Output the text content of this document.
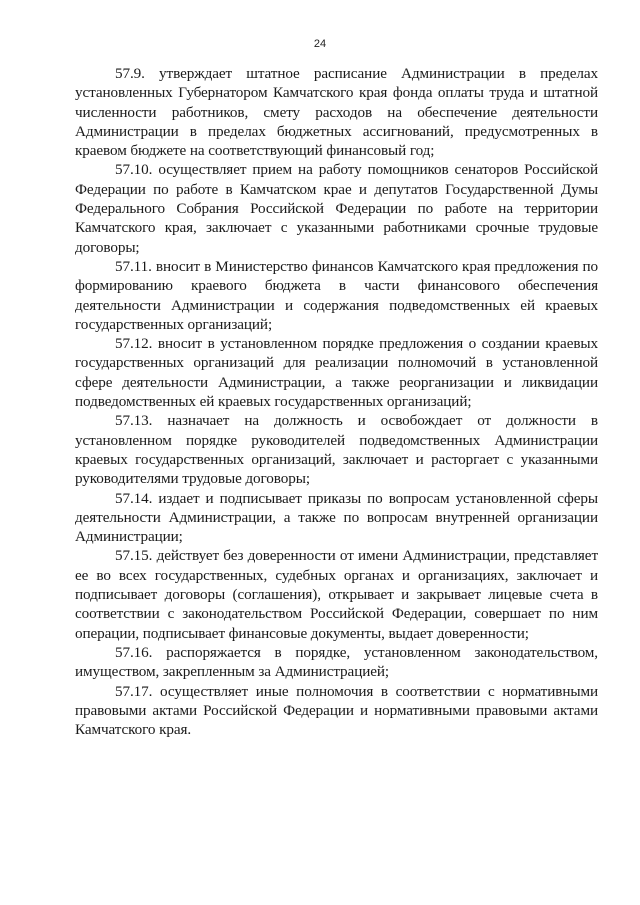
24

57.9. утверждает штатное расписание Администрации в пределах установленных Губернатором Камчатского края фонда оплаты труда и штатной численности работников, смету расходов на обеспечение деятельности Администрации в пределах бюджетных ассигнований, предусмотренных в краевом бюджете на соответствующий финансовый год;

57.10. осуществляет прием на работу помощников сенаторов Российской Федерации по работе в Камчатском крае и депутатов Государственной Думы Федерального Собрания Российской Федерации по работе на территории Камчатского края, заключает с указанными работниками срочные трудовые договоры;

57.11. вносит в Министерство финансов Камчатского края предложения по формированию краевого бюджета в части финансового обеспечения деятельности Администрации и содержания подведомственных ей краевых государственных организаций;

57.12. вносит в установленном порядке предложения о создании краевых государственных организаций для реализации полномочий в установленной сфере деятельности Администрации, а также реорганизации и ликвидации подведомственных ей краевых государственных организаций;

57.13. назначает на должность и освобождает от должности в установленном порядке руководителей подведомственных Администрации краевых государственных организаций, заключает и расторгает с указанными руководителями трудовые договоры;

57.14. издает и подписывает приказы по вопросам установленной сферы деятельности Администрации, а также по вопросам внутренней организации Администрации;

57.15. действует без доверенности от имени Администрации, представляет ее во всех государственных, судебных органах и организациях, заключает и подписывает договоры (соглашения), открывает и закрывает лицевые счета в соответствии с законодательством Российской Федерации, совершает по ним операции, подписывает финансовые документы, выдает доверенности;

57.16. распоряжается в порядке, установленном законодательством, имуществом, закрепленным за Администрацией;

57.17. осуществляет иные полномочия в соответствии с нормативными правовыми актами Российской Федерации и нормативными правовыми актами Камчатского края.
